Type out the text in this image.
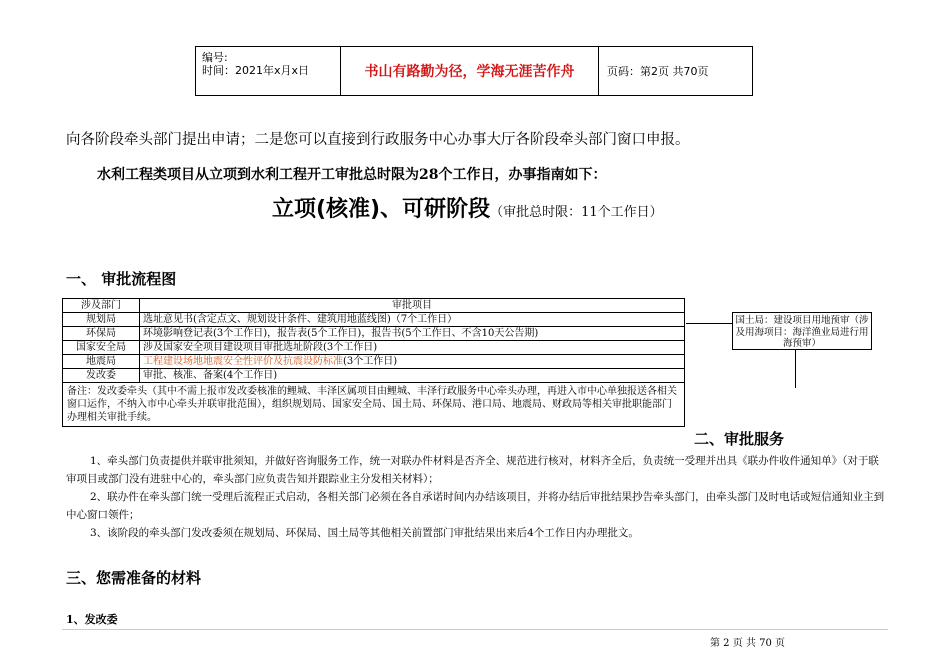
编号:
时间：2021年x月x日	书山有路勤为径，学海无涯苦作舟	页码：第2页 共70页
向各阶段牵头部门提出申请；二是您可以直接到行政服务中心办事大厅各阶段牵头部门窗口申报。
水利工程类项目从立项到水利工程开工审批总时限为28个工作日，办事指南如下：
立项(核准)、可研阶段（审批总时限：11个工作日）
一、 审批流程图
涉及部门	审批项目
规划局	选址意见书(含定点文、规划设计条件、建筑用地蓝线图)（7个工作日）
环保局	环境影响登记表(3个工作日)，报告表(5个工作日)，报告书(5个工作日、不含10天公告期)
国家安全局	涉及国家安全项目建设项目审批选址阶段(3个工作日)
地震局	工程建设场地地震安全性评价及抗震设防标准(3个工作日)
发改委	审批、核准、备案(4个工作日)
备注：发改委牵头（其中不需上报市发改委核准的鲤城、丰泽区属项目由鲤城、丰泽行政服务中心牵头办理，再进入市中心单独报送各相关窗口运作，不纳入市中心牵头并联审批范围），组织规划局、国家安全局、国土局、环保局、港口局、地震局、财政局等相关审批职能部门办理相关审批手续。	
国土局：建设项目用地预审（涉及用海项目：海洋渔业局进行用海预审）
二、审批服务

1、牵头部门负责提供并联审批须知，并做好咨询服务工作，统一对联办件材料是否齐全、规范进行核对，材料齐全后，负责统一受理并出具《联办件收件通知单》（对于联审项目或部门没有进驻中心的，牵头部门应负责告知并跟踪业主分发相关材料）；

2、联办件在牵头部门统一受理后流程正式启动，各相关部门必须在各自承诺时间内办结该项目，并将办结后审批结果抄告牵头部门，由牵头部门及时电话或短信通知业主到中心窗口领件；

3、该阶段的牵头部门发改委须在规划局、环保局、国土局等其他相关前置部门审批结果出来后4个工作日内办理批文。

三、您需准备的材料
1、发改委
第 2 页 共 70 页
